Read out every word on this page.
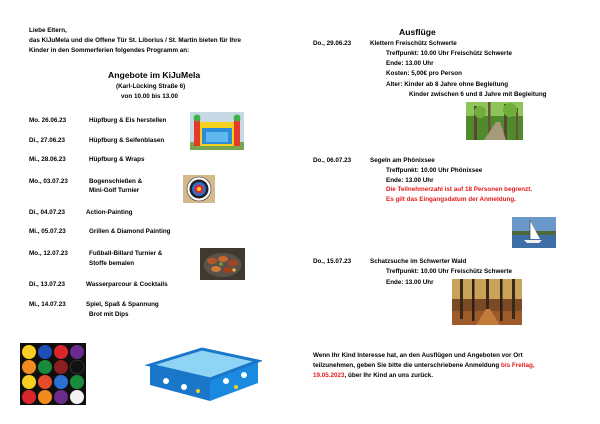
Liebe Eltern,
das KiJuMela und die Offene Tür St. Liborius / St. Martin bieten für Ihre
Kinder in den Sommerferien folgendes Programm an:
Angebote im KiJuMela
(Karl-Lücking Straße 6)
von 10.00 bis 13.00
Mo. 26.06.23	Hüpfburg & Eis herstellen
Di., 27.06.23	Hüpfburg & Seifenblasen
Mi., 28.06.23	Hüpfburg & Wraps
Mo., 03.07.23	Bogenschießen &
Mini-Golf Turnier
Di., 04.07.23	Action-Painting
Mi., 05.07.23	Grillen & Diamond Painting
Mo., 12.07.23	Fußball-Billard Turnier &
Stoffe bemalen
Di., 13.07.23	Wasserparcour & Cocktails
Mi., 14.07.23	Spiel, Spaß & Spannung
Brot mit Dips
Ausflüge
Do., 29.06.23	Klettern Freischütz Schwerte
Treffpunkt: 10.00 Uhr Freischütz Schwerte
Ende: 13.00 Uhr
Kosten: 5,00€ pro Person
Alter: Kinder ab 8 Jahre ohne Begleitung
Kinder zwischen 6 und 8 Jahre mit Begleitung
Do., 06.07.23	Segeln am Phönixsee
Treffpunkt: 10.00 Uhr Phönixsee
Ende: 13.00 Uhr
Die Teilnehmerzahl ist auf 18 Personen begrenzt.
Es gilt das Eingangsdatum der Anmeldung.
Do., 15.07.23	Schatzsuche im Schwerter Wald
Treffpunkt: 10.00 Uhr Freischütz Schwerte
Ende: 13.00 Uhr
Wenn Ihr Kind Interesse hat, an den Ausflügen und Angeboten vor Ort
teilzunehmen, geben Sie bitte die unterschriebene Anmeldung bis Freitag,
19.05.2023, über Ihr Kind an uns zurück.
